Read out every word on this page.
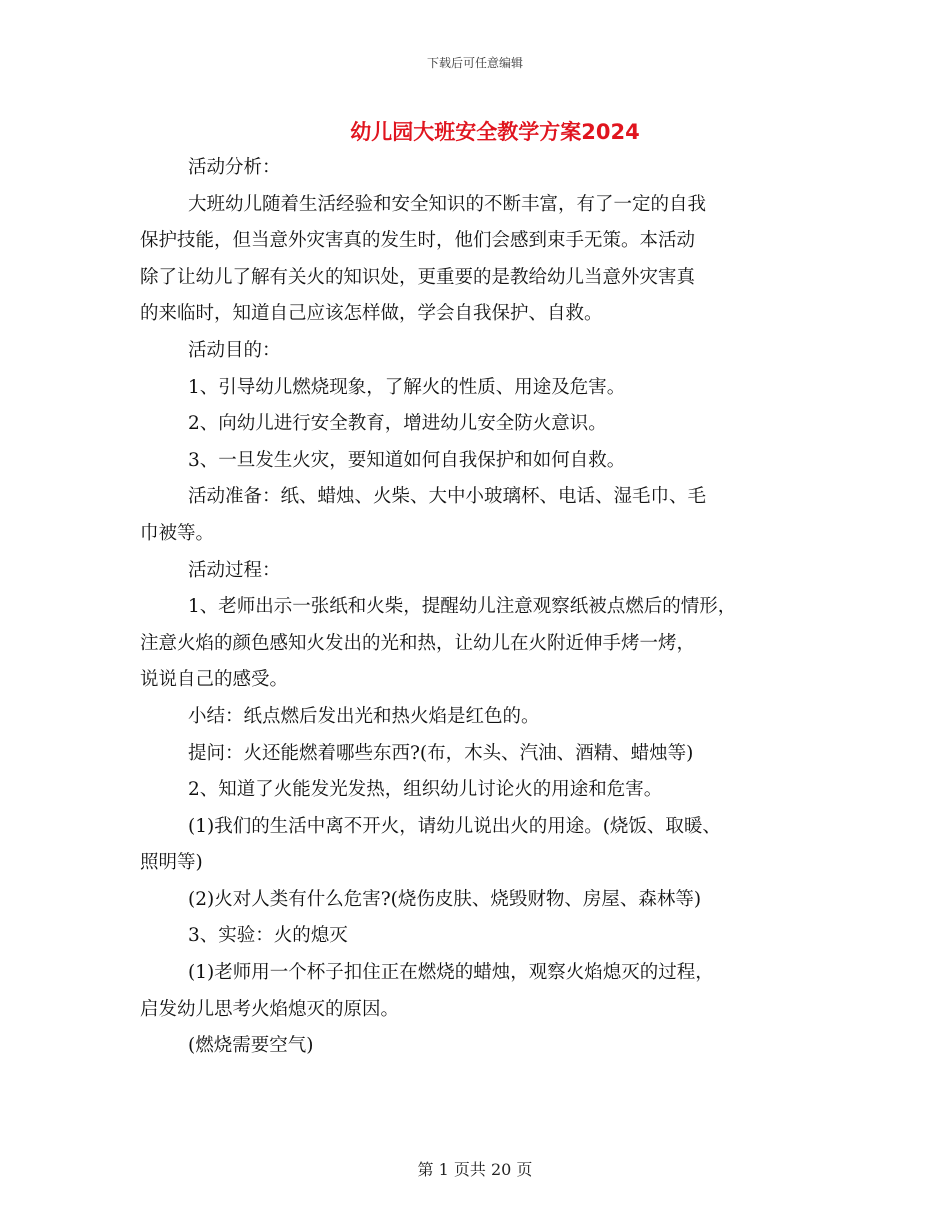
下载后可任意编辑
幼儿园大班安全教学方案2024

活动分析：

大班幼儿随着生活经验和安全知识的不断丰富，有了一定的自我

保护技能，但当意外灾害真的发生时，他们会感到束手无策。本活动

除了让幼儿了解有关火的知识处，更重要的是教给幼儿当意外灾害真

的来临时，知道自己应该怎样做，学会自我保护、自救。

活动目的：

1、引导幼儿燃烧现象，了解火的性质、用途及危害。

2、向幼儿进行安全教育，增进幼儿安全防火意识。

3、一旦发生火灾，要知道如何自我保护和如何自救。

活动准备：纸、蜡烛、火柴、大中小玻璃杯、电话、湿毛巾、毛

巾被等。

活动过程：

1、老师出示一张纸和火柴，提醒幼儿注意观察纸被点燃后的情形，

注意火焰的颜色感知火发出的光和热，让幼儿在火附近伸手烤一烤，

说说自己的感受。

小结：纸点燃后发出光和热火焰是红色的。

提问：火还能燃着哪些东西?(布，木头、汽油、酒精、蜡烛等)

2、知道了火能发光发热，组织幼儿讨论火的用途和危害。

(1)我们的生活中离不开火，请幼儿说出火的用途。(烧饭、取暖、

照明等)

(2)火对人类有什么危害?(烧伤皮肤、烧毁财物、房屋、森林等)

3、实验：火的熄灭

(1)老师用一个杯子扣住正在燃烧的蜡烛，观察火焰熄灭的过程，

启发幼儿思考火焰熄灭的原因。

(燃烧需要空气)

第 1 页共 20 页
